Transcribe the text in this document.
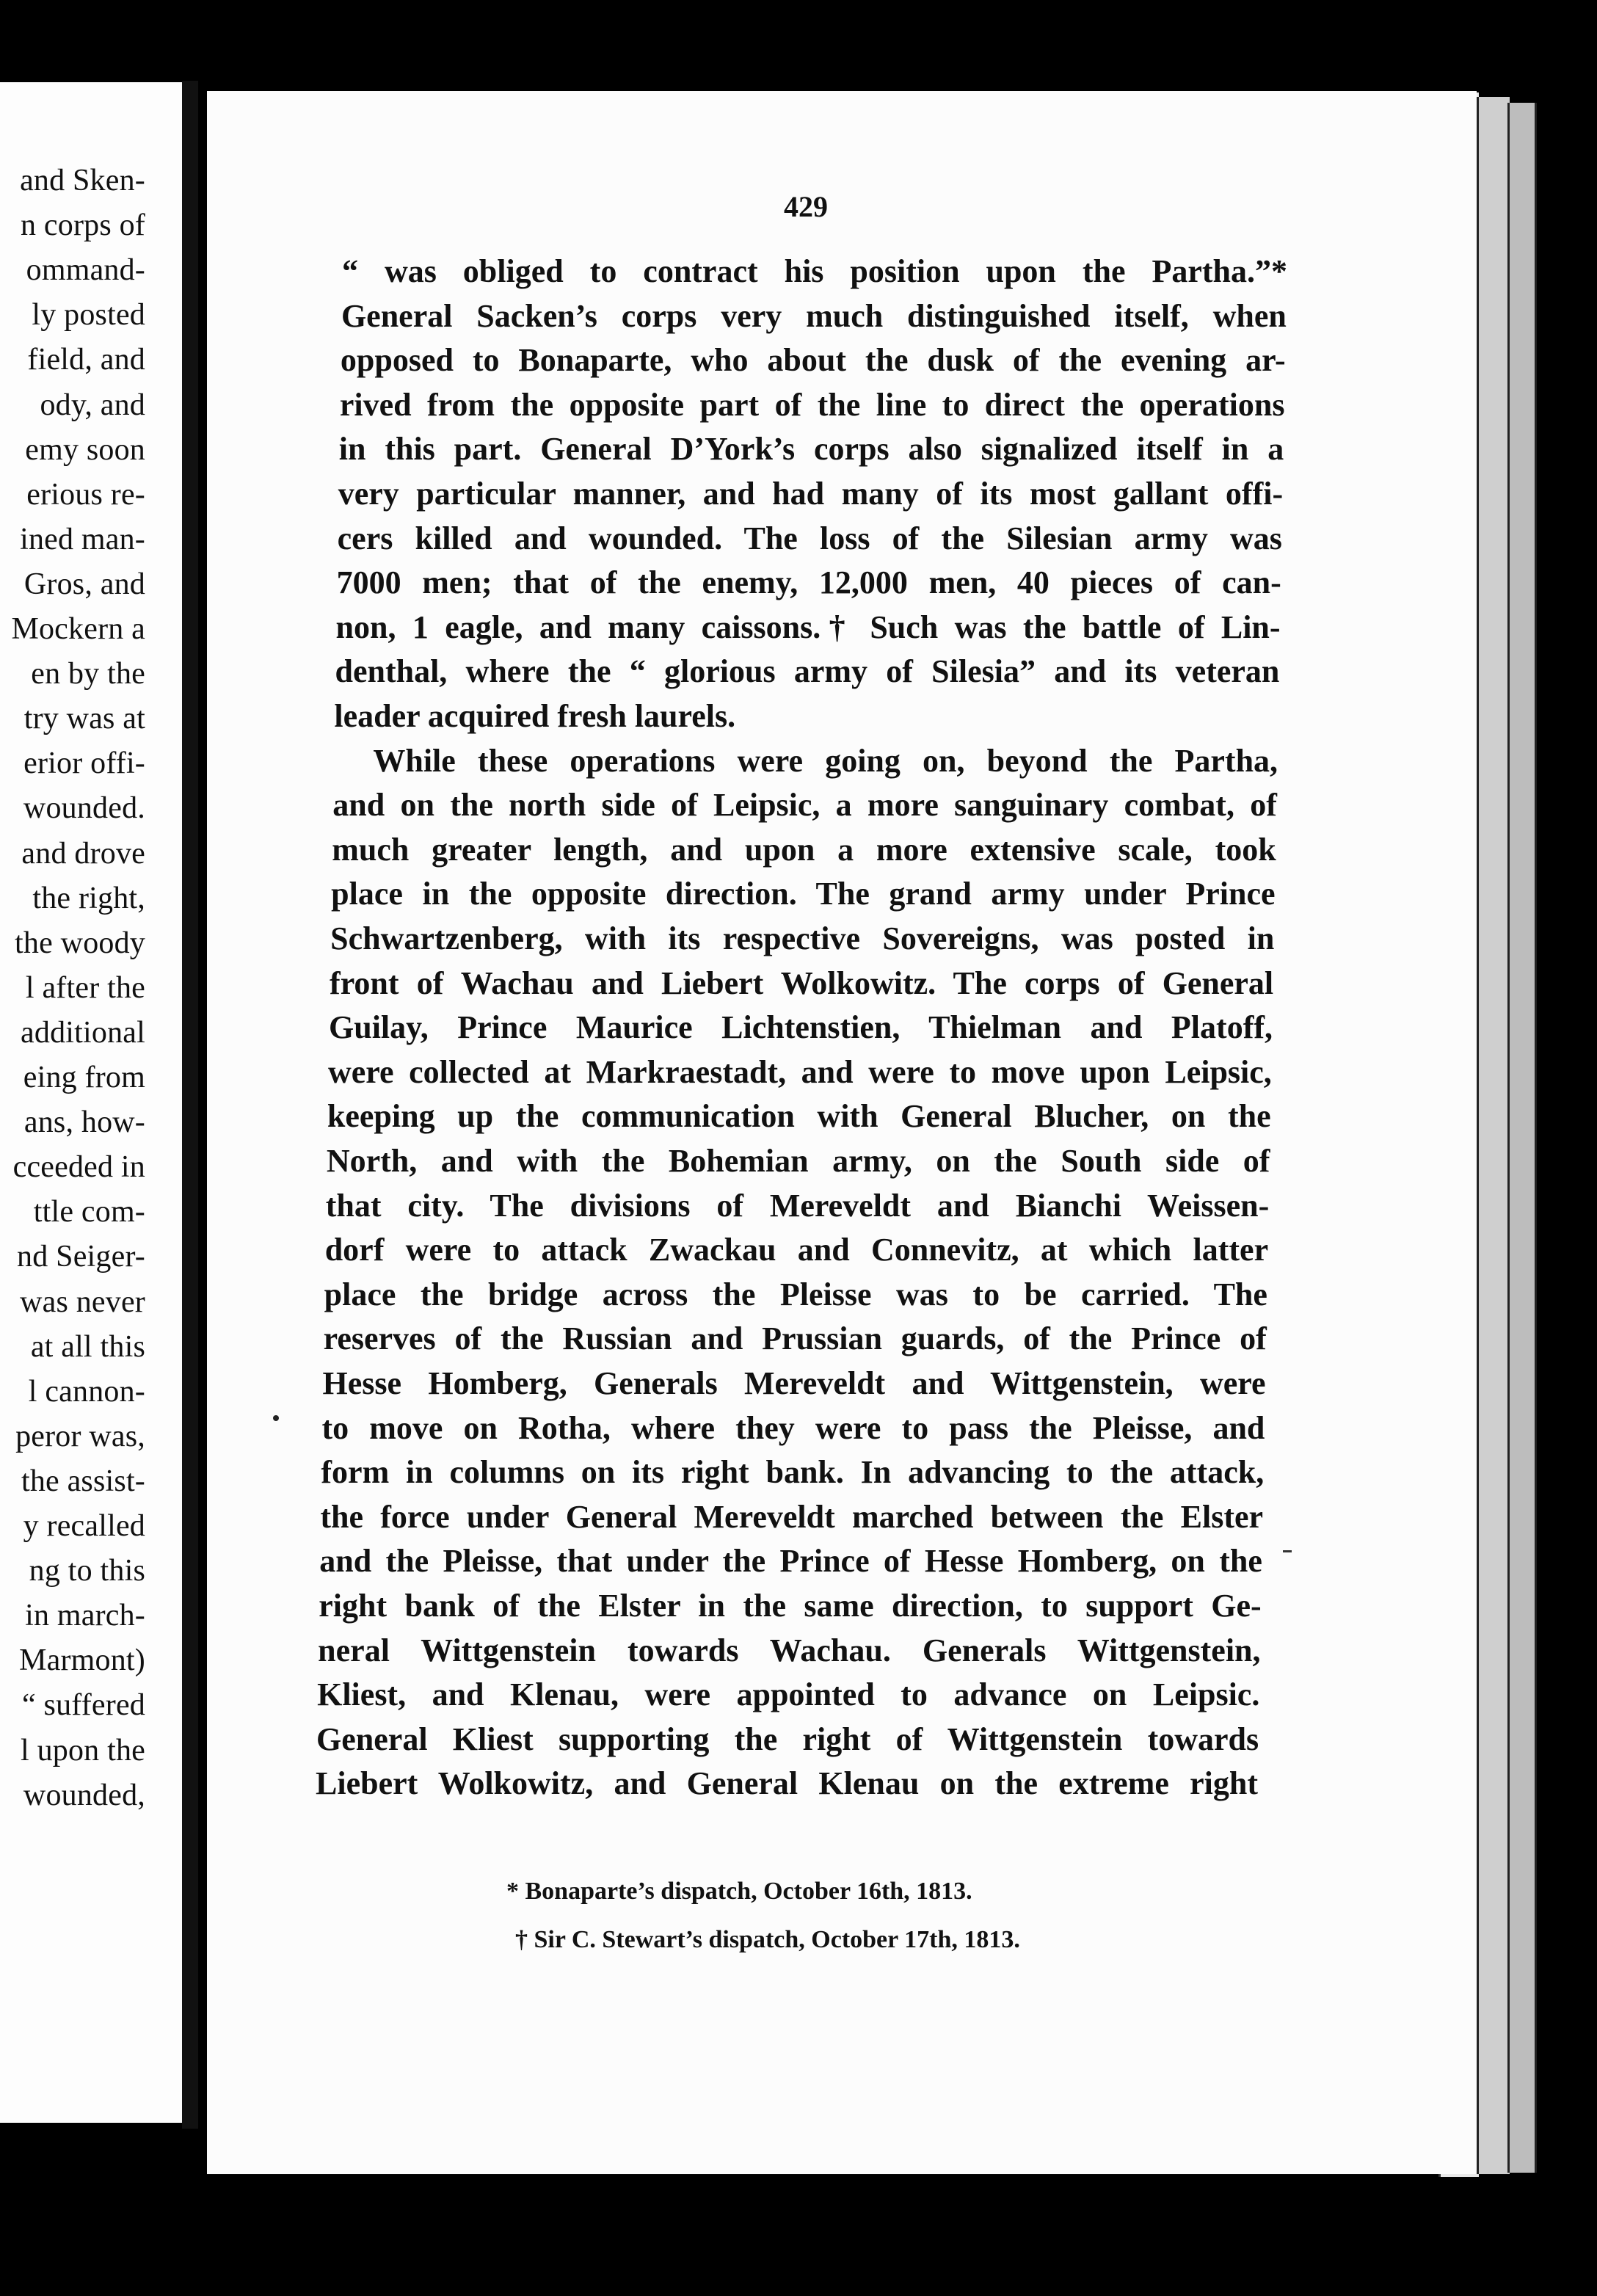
and Sken-
n corps of
ommand-
ly posted
field, and
ody, and
emy soon
erious re-
ined man-
Gros, and
Mockern a
en by the
try was at
erior offi-
wounded.
and drove
the right,
the woody
l after the
additional
eing from
ans, how-
cceeded in
ttle com-
nd Seiger-
was never
at all this
l cannon-
peror was,
the assist-
y recalled
ng to this
in march-
Marmont)
“ suffered
l upon the
wounded,
429
“ was obliged to contract his position upon the Partha.”*
General Sacken’s corps very much distinguished itself, when
opposed to Bonaparte, who about the dusk of the evening ar-
rived from the opposite part of the line to direct the operations
in this part. General D’York’s corps also signalized itself in a
very particular manner, and had many of its most gallant offi-
cers killed and wounded. The loss of the Silesian army was
7000 men; that of the enemy, 12,000 men, 40 pieces of can-
non, 1 eagle, and many caissons.† Such was the battle of Lin-
denthal, where the “ glorious army of Silesia” and its veteran
leader acquired fresh laurels.
While these operations were going on, beyond the Partha,
and on the north side of Leipsic, a more sanguinary combat, of
much greater length, and upon a more extensive scale, took
place in the opposite direction. The grand army under Prince
Schwartzenberg, with its respective Sovereigns, was posted in
front of Wachau and Liebert Wolkowitz. The corps of General
Guilay, Prince Maurice Lichtenstien, Thielman and Platoff,
were collected at Markraestadt, and were to move upon Leipsic,
keeping up the communication with General Blucher, on the
North, and with the Bohemian army, on the South side of
that city. The divisions of Mereveldt and Bianchi Weissen-
dorf were to attack Zwackau and Connevitz, at which latter
place the bridge across the Pleisse was to be carried. The
reserves of the Russian and Prussian guards, of the Prince of
Hesse Homberg, Generals Mereveldt and Wittgenstein, were
to move on Rotha, where they were to pass the Pleisse, and
form in columns on its right bank. In advancing to the attack,
the force under General Mereveldt marched between the Elster
and the Pleisse, that under the Prince of Hesse Homberg, on the
right bank of the Elster in the same direction, to support Ge-
neral Wittgenstein towards Wachau. Generals Wittgenstein,
Kliest, and Klenau, were appointed to advance on Leipsic.
General Kliest supporting the right of Wittgenstein towards
Liebert Wolkowitz, and General Klenau on the extreme right
* Bonaparte’s dispatch, October 16th, 1813.
† Sir C. Stewart’s dispatch, October 17th, 1813.
